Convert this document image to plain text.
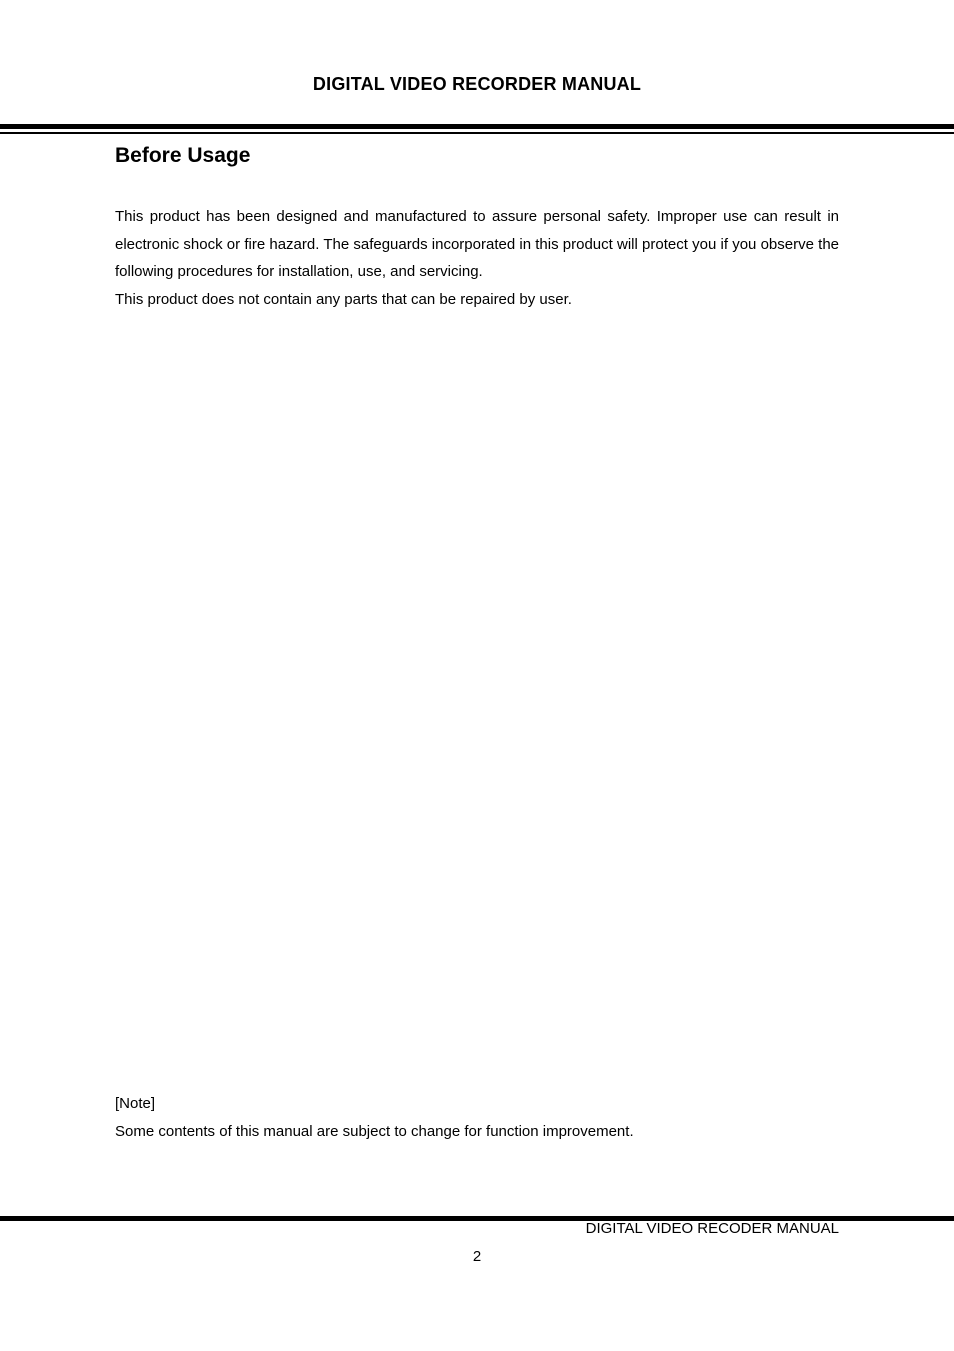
DIGITAL VIDEO RECORDER MANUAL
Before Usage

This product has been designed and manufactured to assure personal safety. Improper use can result in electronic shock or fire hazard. The safeguards incorporated in this product will protect you if you observe the following procedures for installation, use, and servicing.

This product does not contain any parts that can be repaired by user.

[Note]
Some contents of this manual are subject to change for function improvement.
DIGITAL VIDEO RECODER MANUAL
2
